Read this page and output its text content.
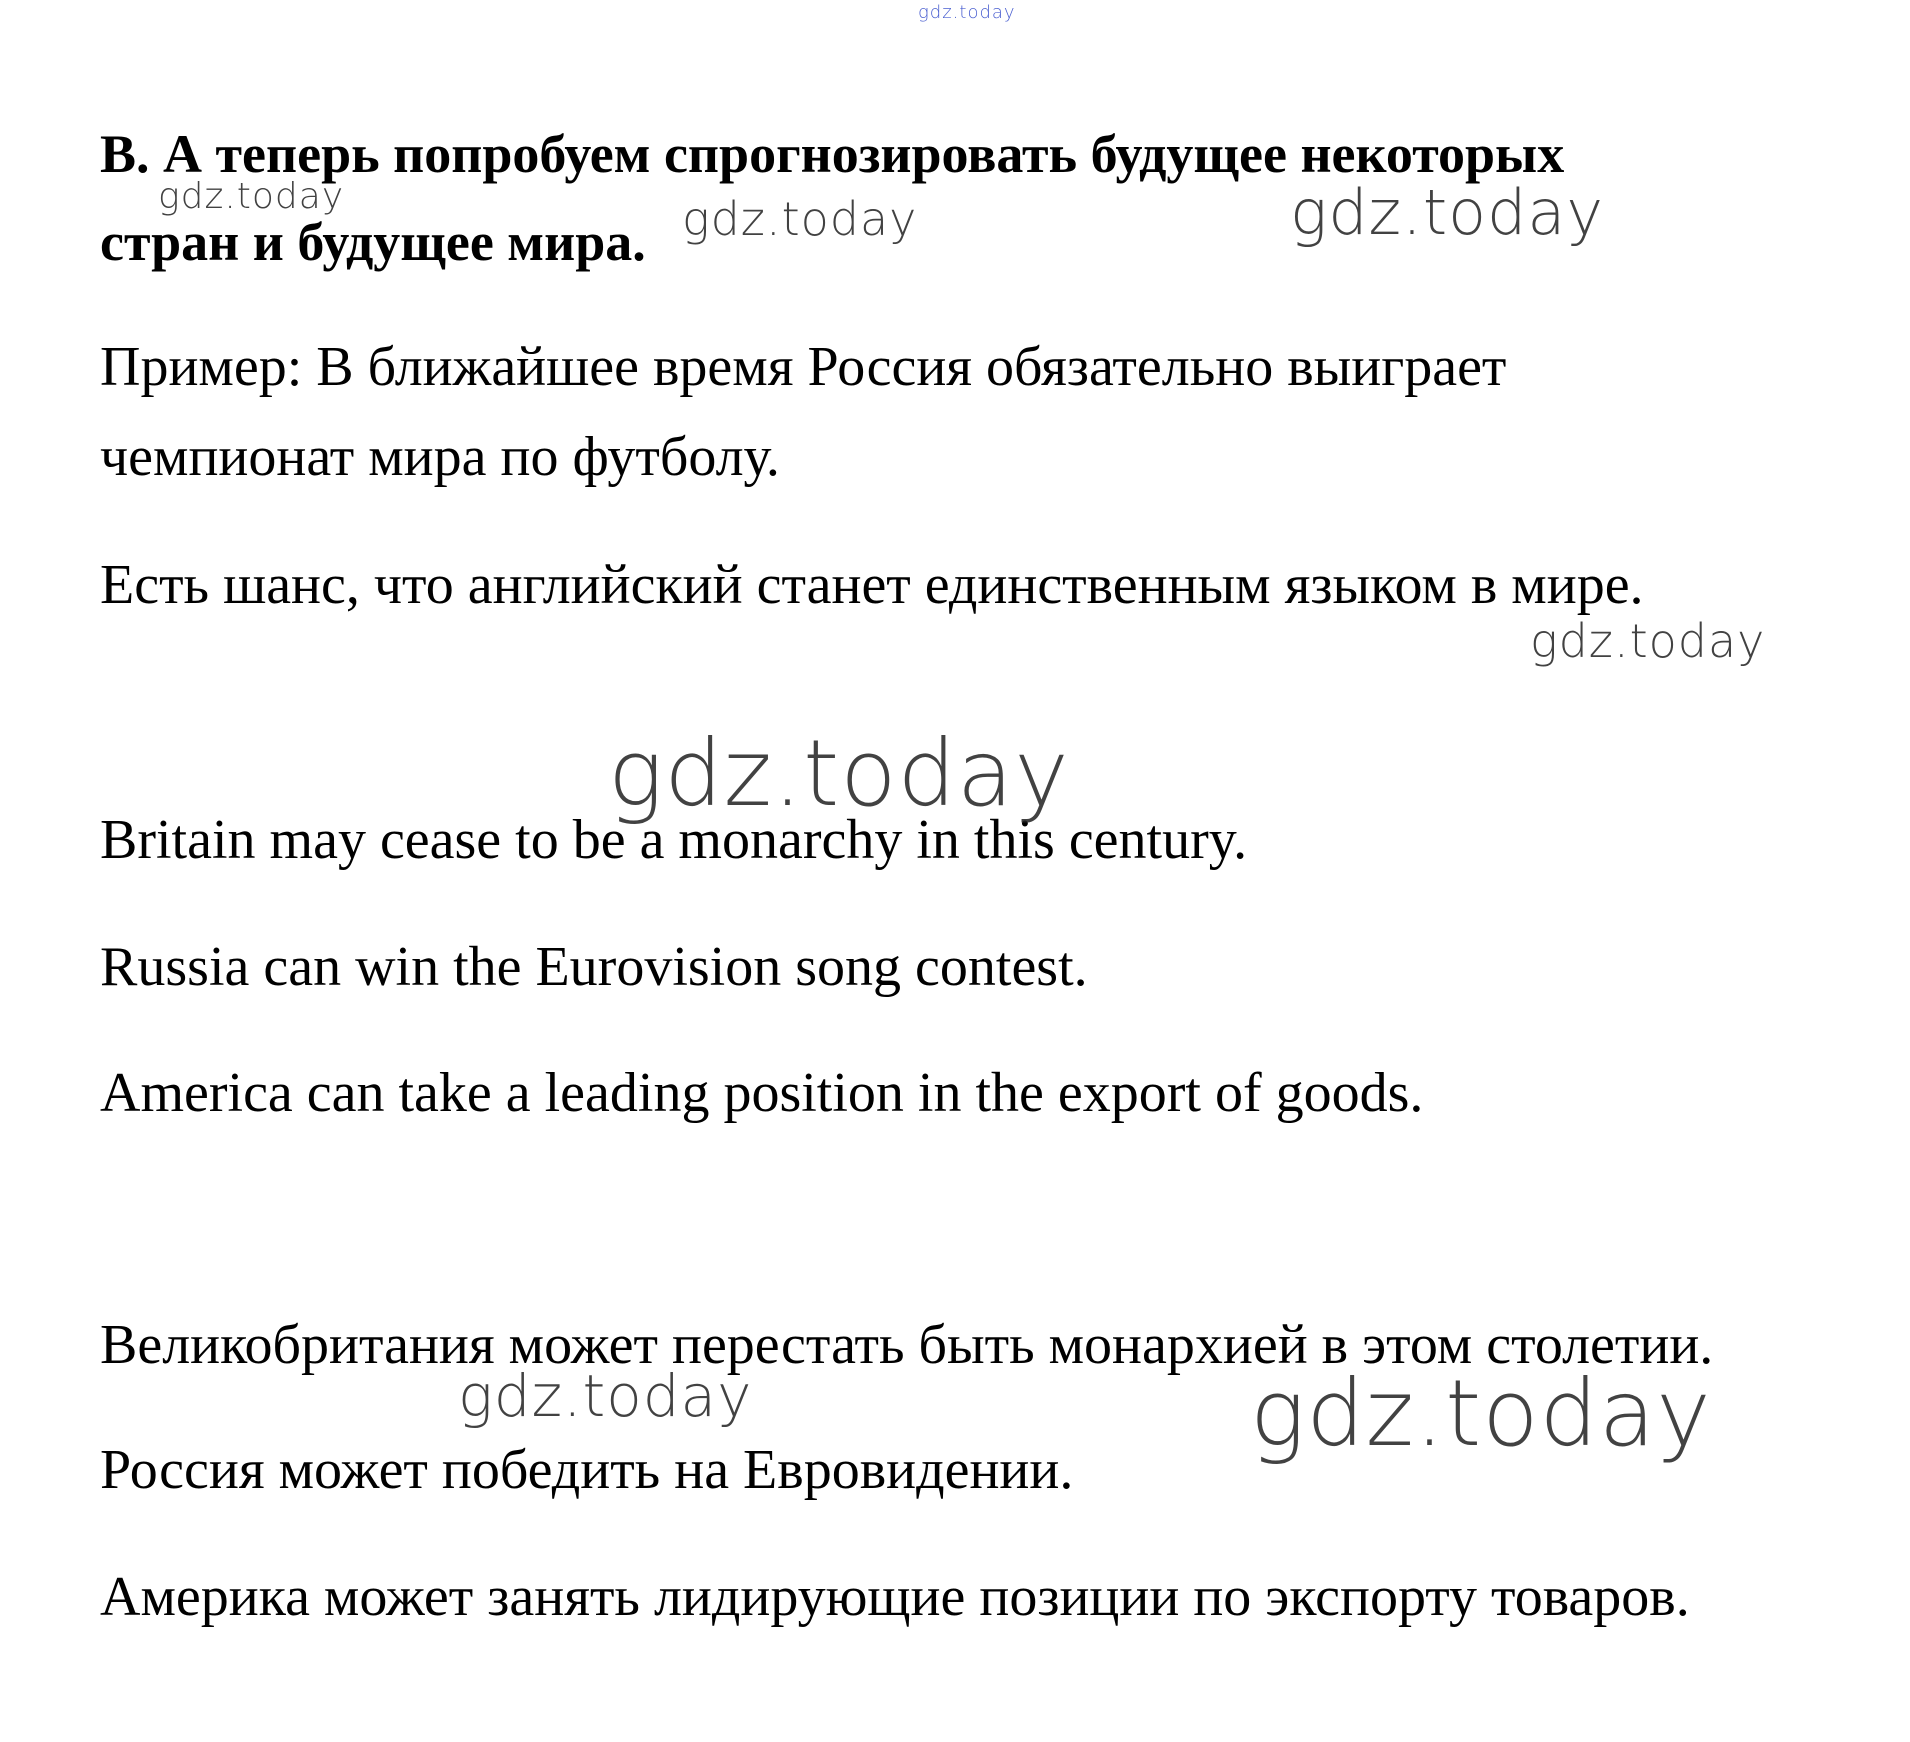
gdz.today

B. А теперь попробуем спрогнозировать будущее некоторых

стран и будущее мира.

Пример: В ближайшее время Россия обязательно выиграет

чемпионат мира по футболу.

Есть шанс, что английский станет единственным языком в мире.

Britain may cease to be a monarchy in this century.

Russia can win the Eurovision song contest.

America can take a leading position in the export of goods.

Великобритания может перестать быть монархией в этом столетии.

Россия может победить на Евровидении.

Америка может занять лидирующие позиции по экспорту товаров.

gdz.today	gdz.today	gdz.today
gdz.today
gdz.today
gdz.today	gdz.today
